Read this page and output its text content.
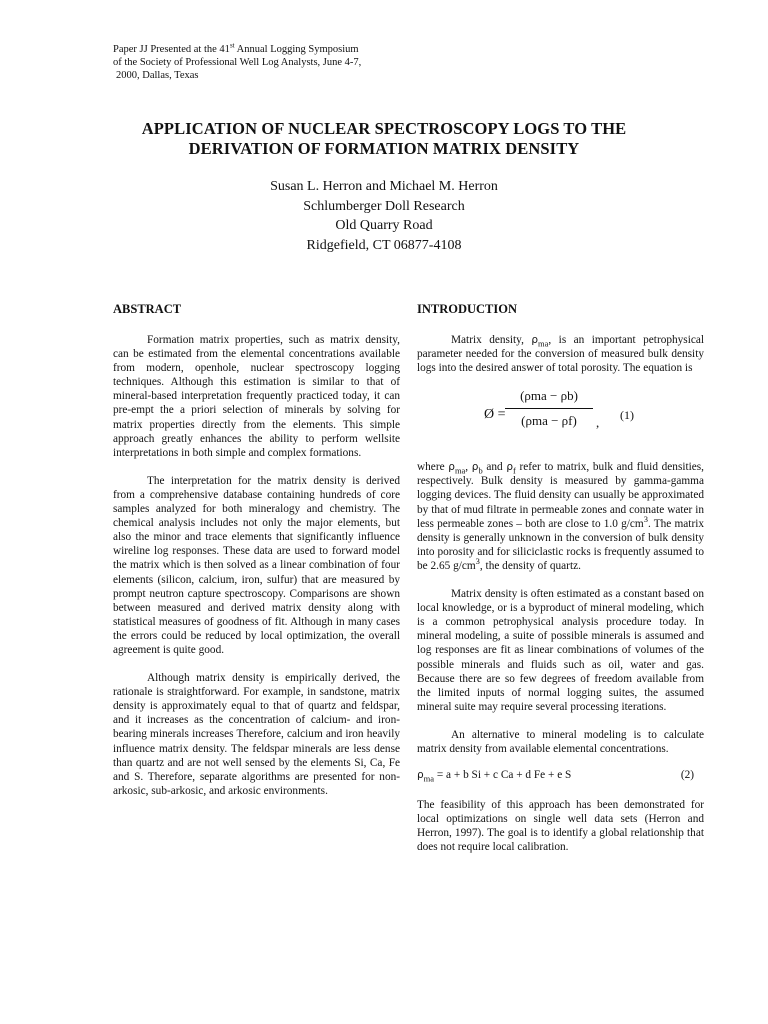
Paper JJ Presented at the 41st Annual Logging Symposium
of the Society of Professional Well Log Analysts, June 4-7,
2000, Dallas, Texas
APPLICATION OF NUCLEAR SPECTROSCOPY LOGS TO THE
DERIVATION OF FORMATION MATRIX DENSITY
Susan L. Herron and Michael M. Herron
Schlumberger Doll Research
Old Quarry Road
Ridgefield, CT 06877-4108
ABSTRACT

Formation matrix properties, such as matrix density, can be estimated from the elemental concentrations available from modern, openhole, nuclear spectroscopy logging techniques. Although this estimation is similar to that of mineral-based interpretation frequently practiced today, it can pre-empt the a priori selection of minerals by solving for matrix properties directly from the elements. This simple approach greatly enhances the ability to perform wellsite interpretations in both simple and complex formations.

The interpretation for the matrix density is derived from a comprehensive database containing hundreds of core samples analyzed for both mineralogy and chemistry. The chemical analysis includes not only the major elements, but also the minor and trace elements that significantly influence wireline log responses. These data are used to forward model the matrix which is then solved as a linear combination of four elements (silicon, calcium, iron, sulfur) that are measured by prompt neutron capture spectroscopy. Comparisons are shown between measured and derived matrix density along with statistical measures of goodness of fit. Although in many cases the errors could be reduced by local optimization, the overall agreement is quite good.

Although matrix density is empirically derived, the rationale is straightforward. For example, in sandstone, matrix density is approximately equal to that of quartz and feldspar, and it increases as the concentration of calcium- and iron-bearing minerals increases Therefore, calcium and iron heavily influence matrix density. The feldspar minerals are less dense than quartz and are not well sensed by the elements Si, Ca, Fe and S. Therefore, separate algorithms are presented for non-arkosic, sub-arkosic, and arkosic environments.

INTRODUCTION

Matrix density, $\rho_{ma}$, is an important petrophysical parameter needed for the conversion of measured bulk density logs into the desired answer of total porosity. The equation is

Ø =
(ρma − ρb)
(ρma − ρf)	, (1)

where $\rho_{ma}$, $\rho_b$ and $\rho_f$ refer to matrix, bulk and fluid densities, respectively. Bulk density is measured by gamma-gamma logging devices. The fluid density can usually be approximated by that of mud filtrate in permeable zones and connate water in less permeable zones – both are close to 1.0 $g/cm^3$. The matrix density is generally unknown in the conversion of bulk density into porosity and for siliciclastic rocks is frequently assumed to be 2.65 $g/cm^3$, the density of quartz.

Matrix density is often estimated as a constant based on local knowledge, or is a byproduct of mineral modeling, which is a common petrophysical analysis procedure today. In mineral modeling, a suite of possible minerals is assumed and log responses are fit as linear combinations of volumes of the possible minerals and fluids such as oil, water and gas. Because there are so few degrees of freedom available from the limited inputs of normal logging suites, the assumed mineral suite may require several processing iterations.

An alternative to mineral modeling is to calculate matrix density from available elemental concentrations.

$\rho_{ma} = a + b$ Si + c Ca + d Fe + e S	(2)

The feasibility of this approach has been demonstrated for local optimizations on single well data sets (Herron and Herron, 1997). The goal is to identify a global relationship that does not require local calibration.
